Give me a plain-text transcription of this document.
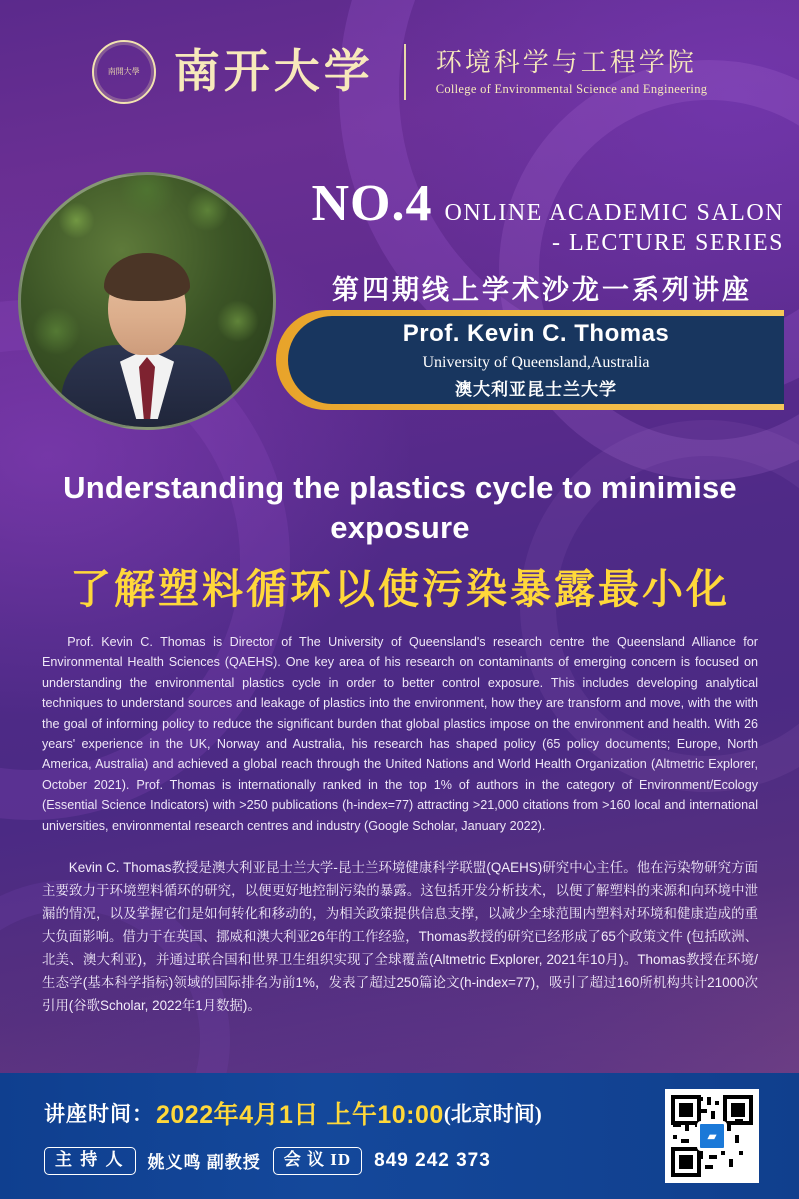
南開大學 南开大学 环境科学与工程学院
College of Environmental Science and Engineering
NO.4 ONLINE ACADEMIC SALON
- LECTURE SERIES
第四期线上学术沙龙一系列讲座
Prof. Kevin C. Thomas
University of Queensland,Australia
澳大利亚昆士兰大学
Understanding the plastics cycle to minimise exposure
了解塑料循环以使污染暴露最小化

Prof. Kevin C. Thomas is Director of The University of Queensland's research centre the Queensland Alliance for Environmental Health Sciences (QAEHS). One key area of his research on contaminants of emerging concern is focused on understanding the environmental plastics cycle in order to better control exposure. This includes developing analytical techniques to understand sources and leakage of plastics into the environment, how they are transform and move, with the with the goal of informing policy to reduce the significant burden that global plastics impose on the environment and health. With 26 years' experience in the UK, Norway and Australia, his research has shaped policy (65 policy documents; Europe, North America, Australia) and achieved a global reach through the United Nations and World Health Organization (Altmetric Explorer, October 2021). Prof. Thomas is internationally ranked in the top 1% of authors in the category of Environment/Ecology (Essential Science Indicators) with >250 publications (h-index=77) attracting >21,000 citations from >160 local and international universities, environmental research centres and industry (Google Scholar, January 2022).

Kevin C. Thomas教授是澳大利亚昆士兰大学-昆士兰环境健康科学联盟(QAEHS)研究中心主任。他在污染物研究方面主要致力于环境塑料循环的研究，以便更好地控制污染的暴露。这包括开发分析技术，以便了解塑料的来源和向环境中泄漏的情况，以及掌握它们是如何转化和移动的，为相关政策提供信息支撑，以减少全球范围内塑料对环境和健康造成的重大负面影响。借力于在英国、挪威和澳大利亚26年的工作经验，Thomas教授的研究已经形成了65个政策文件 (包括欧洲、北美、澳大利亚)，并通过联合国和世界卫生组织实现了全球覆盖(Altmetric Explorer, 2021年10月)。Thomas教授在环境/生态学(基本科学指标)领域的国际排名为前1%，发表了超过250篇论文(h-index=77)，吸引了超过160所机构共计21000次引用(谷歌Scholar, 2022年1月数据)。

讲座时间： 2022年4月1日 上午10:00 (北京时间)
主 持 人	姚义鸣 副教授	会 议 ID	849 242 373
▰
